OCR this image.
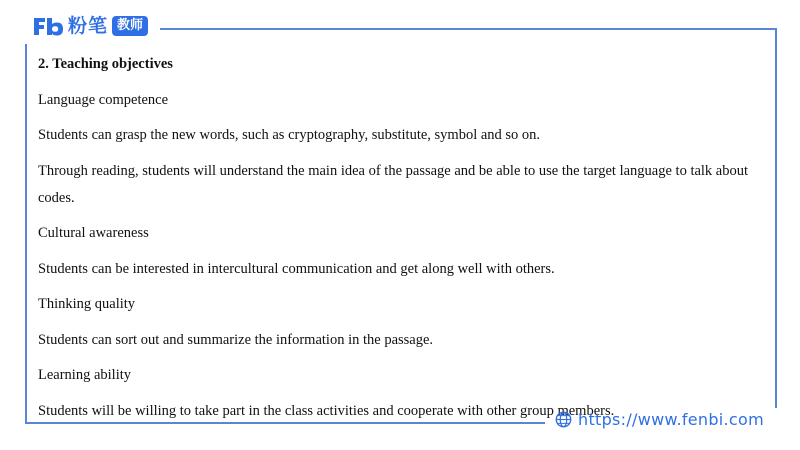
粉笔 教师

2. Teaching objectives

Language competence

Students can grasp the new words, such as cryptography, substitute, symbol and so on.

Through reading, students will understand the main idea of the passage and be able to use the target language to talk about codes.

Cultural awareness

Students can be interested in intercultural communication and get along well with others.

Thinking quality

Students can sort out and summarize the information in the passage.

Learning ability

Students will be willing to take part in the class activities and cooperate with other group members.

https://www.fenbi.com
